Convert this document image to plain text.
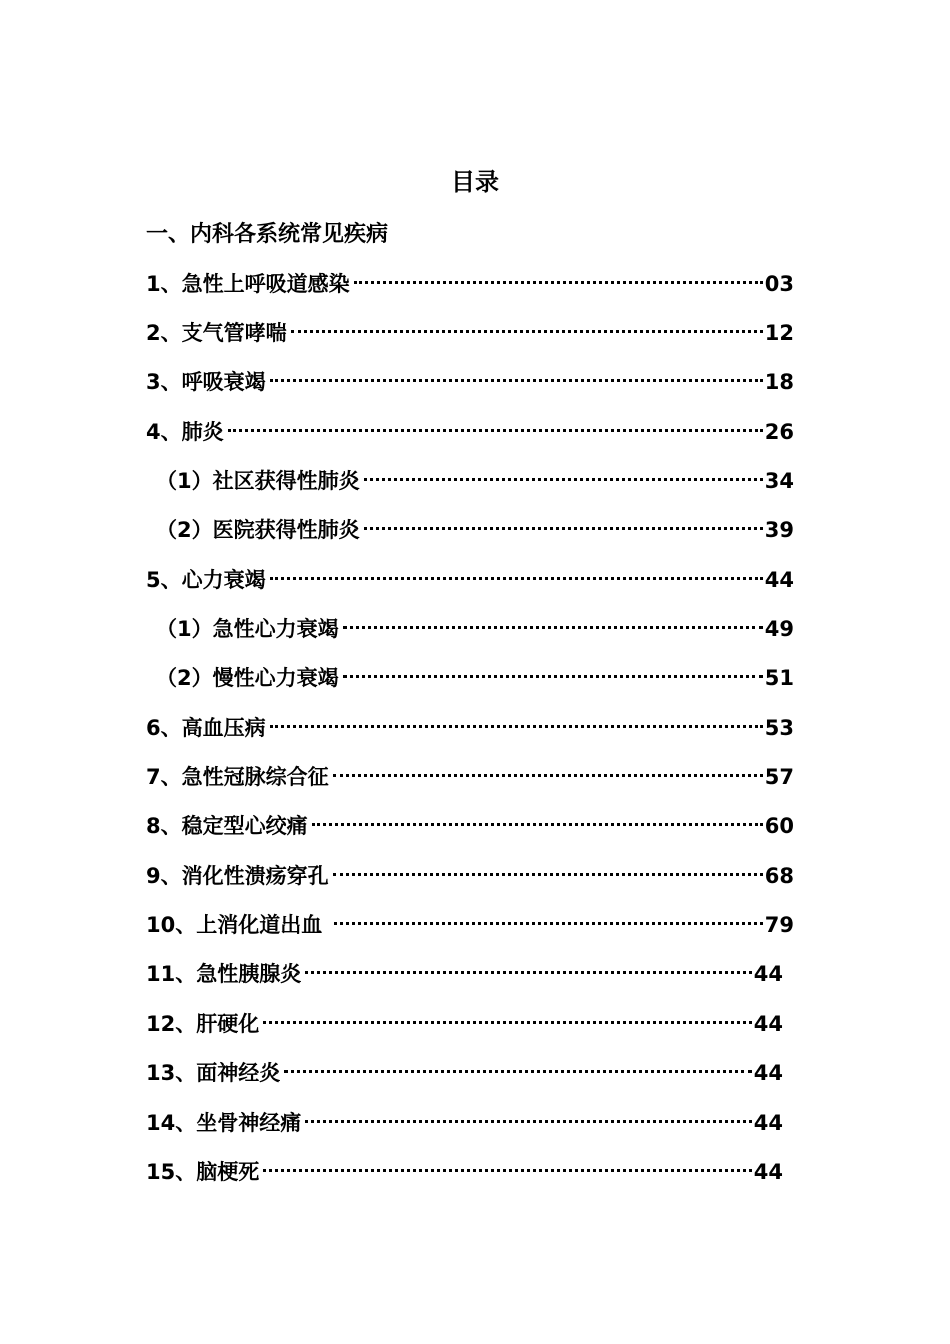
目录
一、内科各系统常见疾病
1、急性上呼吸道感染	03
2、支气管哮喘	12
3、呼吸衰竭	18
4、肺炎	26
（1）社区获得性肺炎	34
（2）医院获得性肺炎	39
5、心力衰竭	44
（1）急性心力衰竭	49
（2）慢性心力衰竭	51
6、高血压病	53
7、急性冠脉综合征	57
8、稳定型心绞痛	60
9、消化性溃疡穿孔	68
10、上消化道出血	79
11、急性胰腺炎	44
12、肝硬化	44
13、面神经炎	44
14、坐骨神经痛	44
15、脑梗死	44
